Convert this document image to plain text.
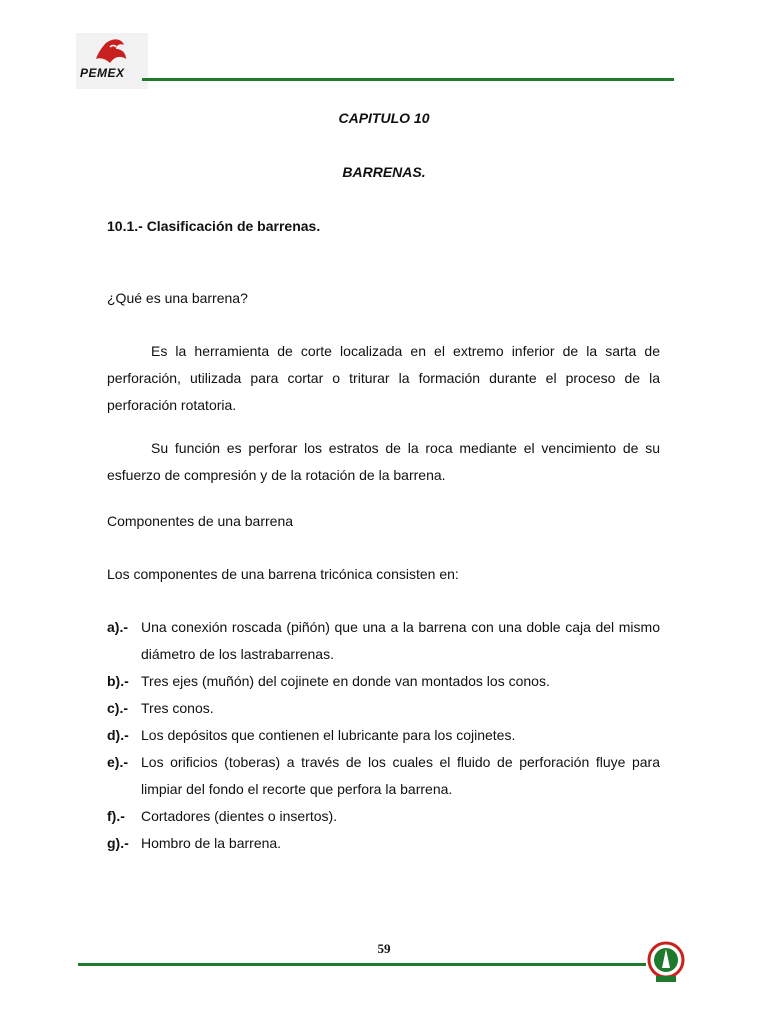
PEMEX
CAPITULO 10
BARRENAS.
10.1.- Clasificación de barrenas.
¿Qué es una barrena?
Es la herramienta de corte localizada en el extremo inferior de la sarta de perforación, utilizada para cortar o triturar la formación durante el proceso de la perforación rotatoria.
Su función es perforar los estratos de la roca mediante el vencimiento de su esfuerzo de compresión y de la rotación de la barrena.
Componentes de una barrena
Los componentes de una barrena tricónica consisten en:
a).- Una conexión roscada (piñón) que una a la barrena con una doble caja del mismo diámetro de los lastrabarrenas.
b).- Tres ejes (muñón) del cojinete en donde van montados los conos.
c).- Tres conos.
d).- Los depósitos que contienen el lubricante para los cojinetes.
e).- Los orificios (toberas) a través de los cuales el fluido de perforación fluye para limpiar del fondo el recorte que perfora la barrena.
f).-	Cortadores (dientes o insertos).
g).- Hombro de la barrena.
59
